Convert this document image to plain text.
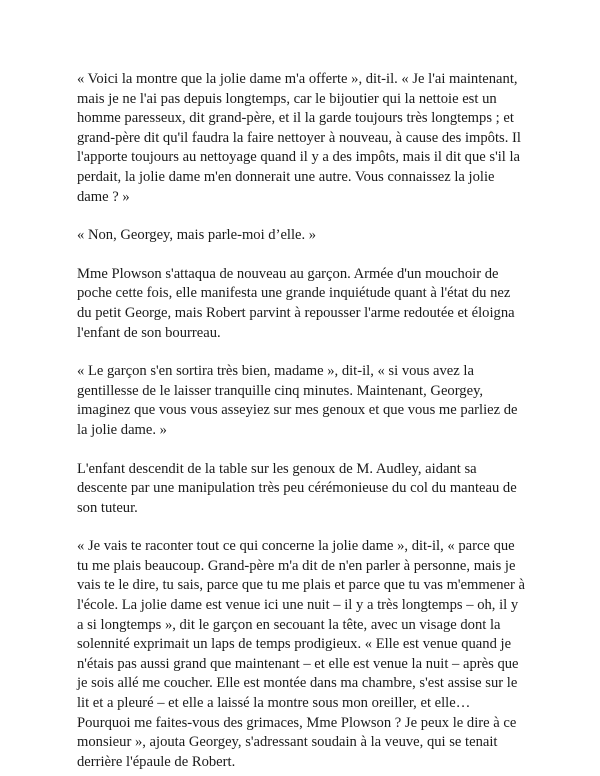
« Voici la montre que la jolie dame m'a offerte », dit-il. « Je l'ai maintenant, mais je ne l'ai pas depuis longtemps, car le bijoutier qui la nettoie est un homme paresseux, dit grand-père, et il la garde toujours très longtemps ; et grand-père dit qu'il faudra la faire nettoyer à nouveau, à cause des impôts. Il l'apporte toujours au nettoyage quand il y a des impôts, mais il dit que s'il la perdait, la jolie dame m'en donnerait une autre. Vous connaissez la jolie dame ? »

« Non, Georgey, mais parle-moi d’elle. »

Mme Plowson s'attaqua de nouveau au garçon. Armée d'un mouchoir de poche cette fois, elle manifesta une grande inquiétude quant à l'état du nez du petit George, mais Robert parvint à repousser l'arme redoutée et éloigna l'enfant de son bourreau.

« Le garçon s'en sortira très bien, madame », dit-il, « si vous avez la gentillesse de le laisser tranquille cinq minutes. Maintenant, Georgey, imaginez que vous vous asseyiez sur mes genoux et que vous me parliez de la jolie dame. »

L'enfant descendit de la table sur les genoux de M. Audley, aidant sa descente par une manipulation très peu cérémonieuse du col du manteau de son tuteur.

« Je vais te raconter tout ce qui concerne la jolie dame », dit-il, « parce que tu me plais beaucoup. Grand-père m'a dit de n'en parler à personne, mais je vais te le dire, tu sais, parce que tu me plais et parce que tu vas m'emmener à l'école. La jolie dame est venue ici une nuit – il y a très longtemps – oh, il y a si longtemps », dit le garçon en secouant la tête, avec un visage dont la solennité exprimait un laps de temps prodigieux. « Elle est venue quand je n'étais pas aussi grand que maintenant – et elle est venue la nuit – après que je sois allé me coucher. Elle est montée dans ma chambre, s'est assise sur le lit et a pleuré – et elle a laissé la montre sous mon oreiller, et elle… Pourquoi me faites-vous des grimaces, Mme Plowson ? Je peux le dire à ce monsieur », ajouta Georgey, s'adressant soudain à la veuve, qui se tenait derrière l'épaule de Robert.
